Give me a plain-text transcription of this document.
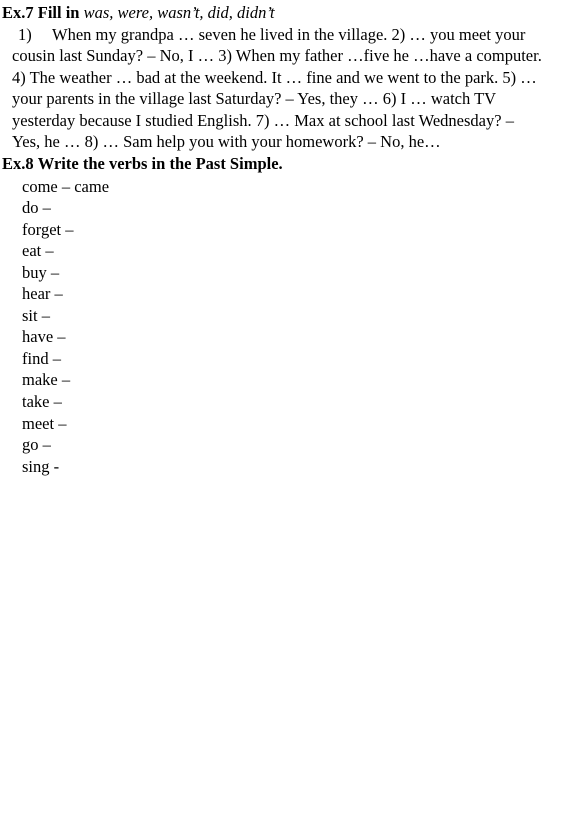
Ex.7 Fill in was, were, wasn’t, did, didn’t
1) When my grandpa … seven he lived in the village. 2) … you meet your
cousin last Sunday? – No, I … 3) When my father …five he …have a computer.
4) The weather … bad at the weekend. It … fine and we went to the park. 5) …
your parents in the village last Saturday? – Yes, they … 6) I … watch TV
yesterday because I studied English. 7) … Max at school last Wednesday? –
Yes, he … 8) … Sam help you with your homework? – No, he…
Ex.8 Write the verbs in the Past Simple.
come – came
do –
forget –
eat –
buy –
hear –
sit –
have –
find –
make –
take –
meet –
go –
sing -
